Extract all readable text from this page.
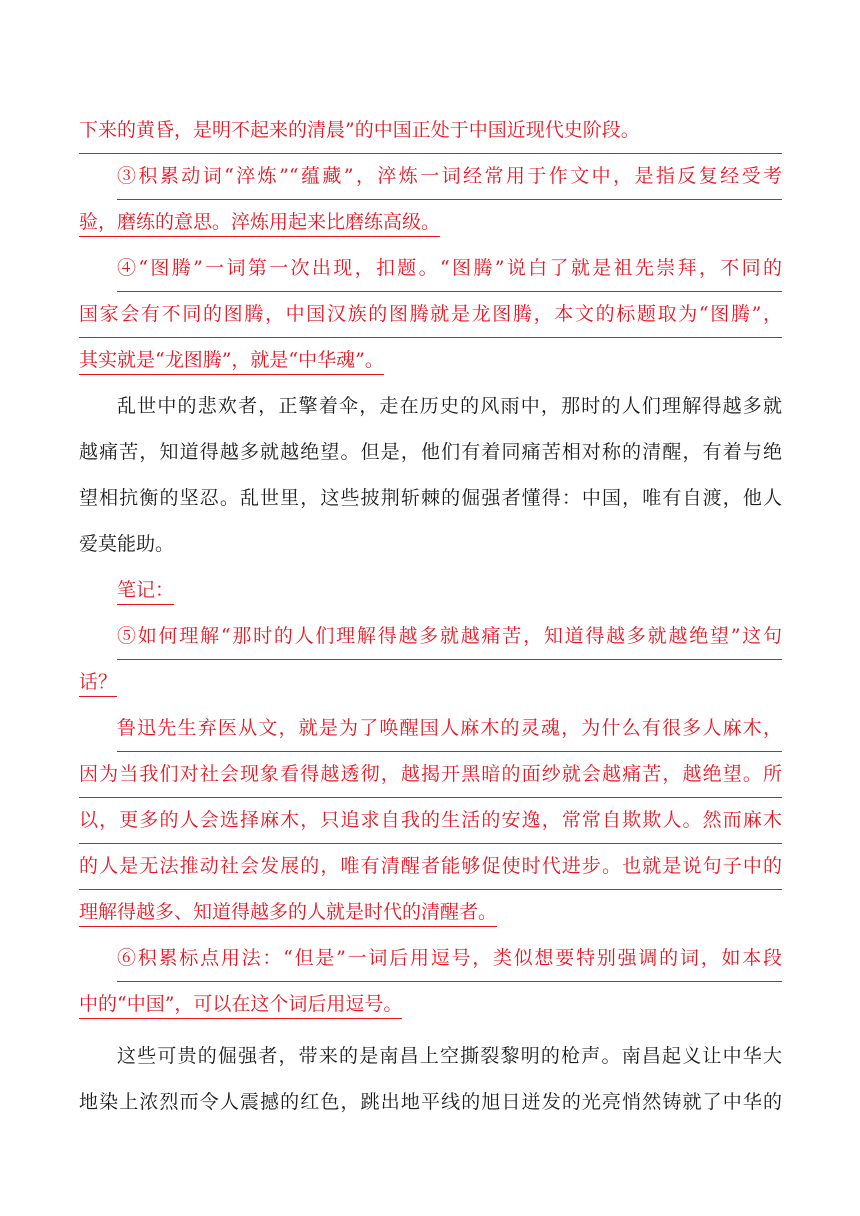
下来的黄昏，是明不起来的清晨”的中国正处于中国近现代史阶段。
③积累动词“淬炼”“蕴藏”，淬炼一词经常用于作文中，是指反复经受考
验，磨练的意思。淬炼用起来比磨练高级。
④“图腾”一词第一次出现，扣题。“图腾”说白了就是祖先崇拜，不同的
国家会有不同的图腾，中国汉族的图腾就是龙图腾，本文的标题取为“图腾”，
其实就是“龙图腾”，就是“中华魂”。
乱世中的悲欢者，正擎着伞，走在历史的风雨中，那时的人们理解得越多就
越痛苦，知道得越多就越绝望。但是，他们有着同痛苦相对称的清醒，有着与绝
望相抗衡的坚忍。乱世里，这些披荆斩棘的倔强者懂得：中国，唯有自渡，他人
爱莫能助。
笔记：
⑤如何理解“那时的人们理解得越多就越痛苦，知道得越多就越绝望”这句
话？
鲁迅先生弃医从文，就是为了唤醒国人麻木的灵魂，为什么有很多人麻木，
因为当我们对社会现象看得越透彻，越揭开黑暗的面纱就会越痛苦，越绝望。所
以，更多的人会选择麻木，只追求自我的生活的安逸，常常自欺欺人。然而麻木
的人是无法推动社会发展的，唯有清醒者能够促使时代进步。也就是说句子中的
理解得越多、知道得越多的人就是时代的清醒者。
⑥积累标点用法：“但是”一词后用逗号，类似想要特别强调的词，如本段
中的“中国”，可以在这个词后用逗号。
这些可贵的倔强者，带来的是南昌上空撕裂黎明的枪声。南昌起义让中华大
地染上浓烈而令人震撼的红色，跳出地平线的旭日迸发的光亮悄然铸就了中华的
